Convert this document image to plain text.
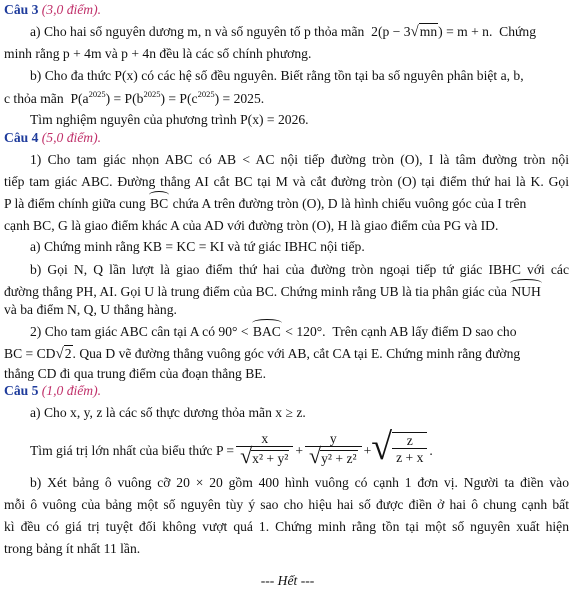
Câu 3 (3,0 điểm).
a) Cho hai số nguyên dương m, n và số nguyên tố p thỏa mãn 2(p − 3√mn) = m + n. Chứng
minh rằng p + 4m và p + 4n đều là các số chính phương.
b) Cho đa thức P(x) có các hệ số đều nguyên. Biết rằng tồn tại ba số nguyên phân biệt a, b,
c thỏa mãn $P(a^{2025}) = P(b^{2025}) = P(c^{2025}) = 2025$.
Tìm nghiệm nguyên của phương trình P(x) = 2026.
Câu 4 (5,0 điểm).
1) Cho tam giác nhọn ABC có AB < AC nội tiếp đường tròn (O), I là tâm đường tròn nội
tiếp tam giác ABC. Đường thẳng AI cắt BC tại M và cắt đường tròn (O) tại điểm thứ hai là K. Gọi
P là điểm chính giữa cung BC chứa A trên đường tròn (O), D là hình chiếu vuông góc của I trên
cạnh BC, G là giao điểm khác A của AD với đường tròn (O), H là giao điểm của PG và ID.
a) Chứng minh rằng KB = KC = KI và tứ giác IBHC nội tiếp.
b) Gọi N, Q lần lượt là giao điểm thứ hai của đường tròn ngoại tiếp tứ giác IBHC với các
đường thẳng PH, AI. Gọi U là trung điểm của BC. Chứng minh rằng UB là tia phân giác của NUH
và ba điểm N, Q, U thẳng hàng.
2) Cho tam giác ABC cân tại A có 90° < BAC < 120°. Trên cạnh AB lấy điểm D sao cho
BC = CD√2. Qua D vẽ đường thẳng vuông góc với AB, cắt CA tại E. Chứng minh rằng đường
thẳng CD đi qua trung điểm của đoạn thẳng BE.
Câu 5 (1,0 điểm).
a) Cho x, y, z là các số thực dương thỏa mãn x ≥ z.
Tìm giá trị lớn nhất của biểu thức
$P = \frac{x}{\text{√x² + y²}} + \frac{y}{\text{√y² + z²}}$ + √ $\frac{z}{z + x}$ .
b) Xét bảng ô vuông cỡ 20 × 20 gồm 400 hình vuông có cạnh 1 đơn vị. Người ta điền vào
mỗi ô vuông của bảng một số nguyên tùy ý sao cho hiệu hai số được điền ở hai ô chung cạnh bất
kì đều có giá trị tuyệt đối không vượt quá 1. Chứng minh rằng tồn tại một số nguyên xuất hiện
trong bảng ít nhất 11 lần.
--- Hết ---
